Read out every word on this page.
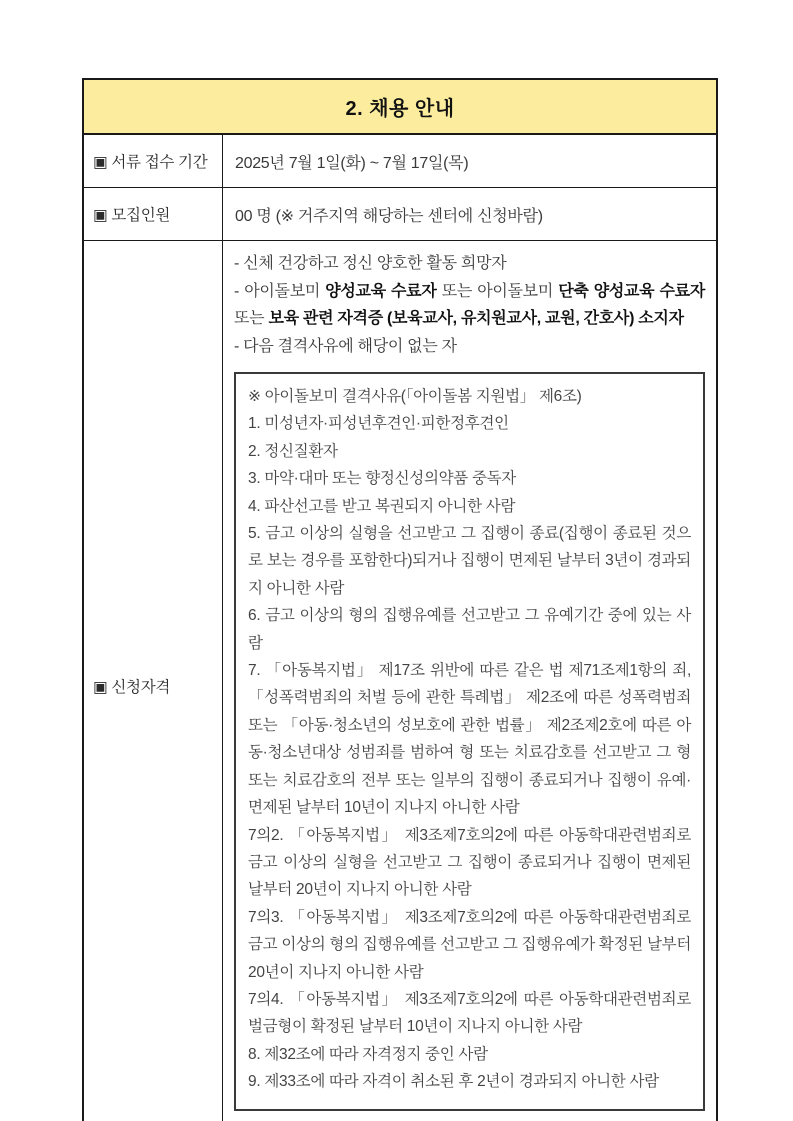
2. 채용 안내
▣ 서류 접수 기간	2025년 7월 1일(화) ~ 7월 17일(목)
▣ 모집인원	00 명 (※ 거주지역 해당하는 센터에 신청바람)
▣ 신청자격

- 신체 건강하고 정신 양호한 활동 희망자

- 아이돌보미 양성교육 수료자 또는 아이돌보미 단축 양성교육 수료자 또는 보육 관련 자격증 (보육교사, 유치원교사, 교원, 간호사) 소지자

- 다음 결격사유에 해당이 없는 자

※ 아이돌보미 결격사유(「아이돌봄 지원법」 제6조)

1. 미성년자·피성년후견인·피한정후견인

2. 정신질환자

3. 마약·대마 또는 향정신성의약품 중독자

4. 파산선고를 받고 복권되지 아니한 사람

5. 금고 이상의 실형을 선고받고 그 집행이 종료(집행이 종료된 것으로 보는 경우를 포함한다)되거나 집행이 면제된 날부터 3년이 경과되지 아니한 사람

6. 금고 이상의 형의 집행유예를 선고받고 그 유예기간 중에 있는 사람

7. 「아동복지법」 제17조 위반에 따른 같은 법 제71조제1항의 죄, 「성폭력범죄의 처벌 등에 관한 특례법」 제2조에 따른 성폭력범죄 또는 「아동·청소년의 성보호에 관한 법률」 제2조제2호에 따른 아동·청소년대상 성범죄를 범하여 형 또는 치료감호를 선고받고 그 형 또는 치료감호의 전부 또는 일부의 집행이 종료되거나 집행이 유예·면제된 날부터 10년이 지나지 아니한 사람

7의2. 「아동복지법」 제3조제7호의2에 따른 아동학대관련범죄로 금고 이상의 실형을 선고받고 그 집행이 종료되거나 집행이 면제된 날부터 20년이 지나지 아니한 사람

7의3. 「아동복지법」 제3조제7호의2에 따른 아동학대관련범죄로 금고 이상의 형의 집행유예를 선고받고 그 집행유예가 확정된 날부터 20년이 지나지 아니한 사람

7의4. 「아동복지법」 제3조제7호의2에 따른 아동학대관련범죄로 벌금형이 확정된 날부터 10년이 지나지 아니한 사람

8. 제32조에 따라 자격정지 중인 사람

9. 제33조에 따라 자격이 취소된 후 2년이 경과되지 아니한 사람
